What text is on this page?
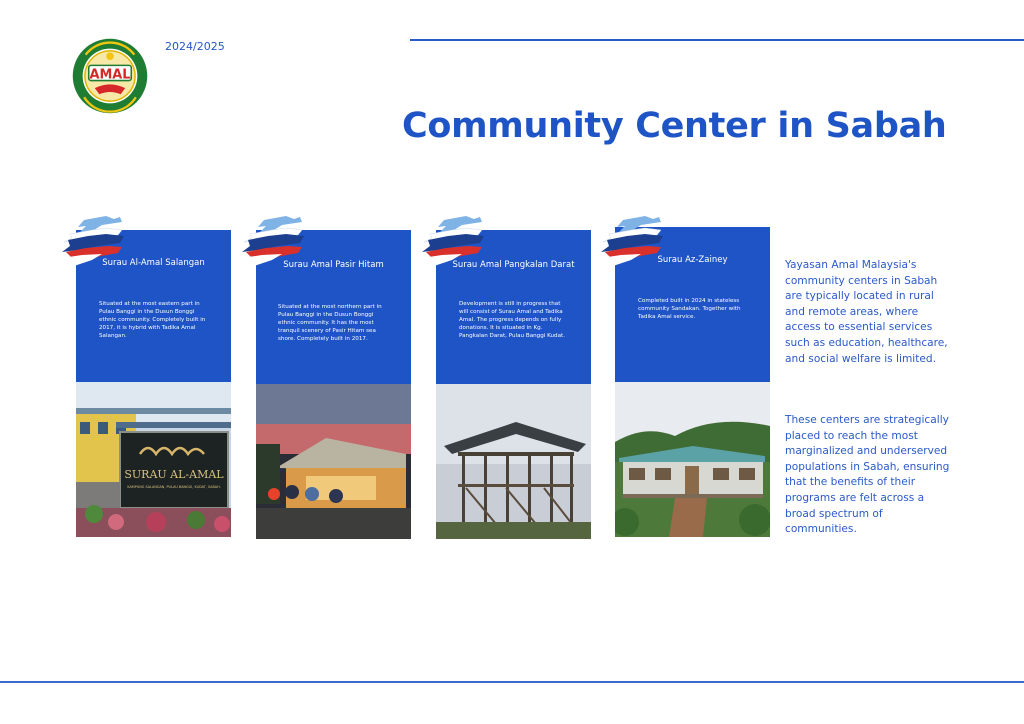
AMAL
2024/2025
Community Center in Sabah
Surau Al-Amal Salangan
Situated at the most eastern part in Pulau Banggi in the Dusun Bonggi ethnic community. Completely built in 2017, it is hybrid with Tadika Amal Salangan.
SURAU AL-AMAL
KAMPUNG SALANGAN, PULAU BANGGI, KUDAT, SABAH.
Surau Amal Pasir Hitam
Situated at the most northern part in Pulau Banggi in the Dusun Bonggi ethnic community. It has the most tranquil scenery of Pasir Hitam sea shore. Completely built in 2017.
Surau Amal Pangkalan Darat
Development is still in progress that will consist of Surau Amal and Tadika Amal. The progress depends on fully donations. It is situated in Kg. Pangkalan Darat, Pulau Banggi Kudat.
Surau Az-Zainey
Completed built in 2024 in stateless community Sandakan. Together with Tadika Amal service.

Yayasan Amal Malaysia's community centers in Sabah are typically located in rural and remote areas, where access to essential services such as education, healthcare, and social welfare is limited.

These centers are strategically placed to reach the most marginalized and underserved populations in Sabah, ensuring that the benefits of their programs are felt across a broad spectrum of communities.
